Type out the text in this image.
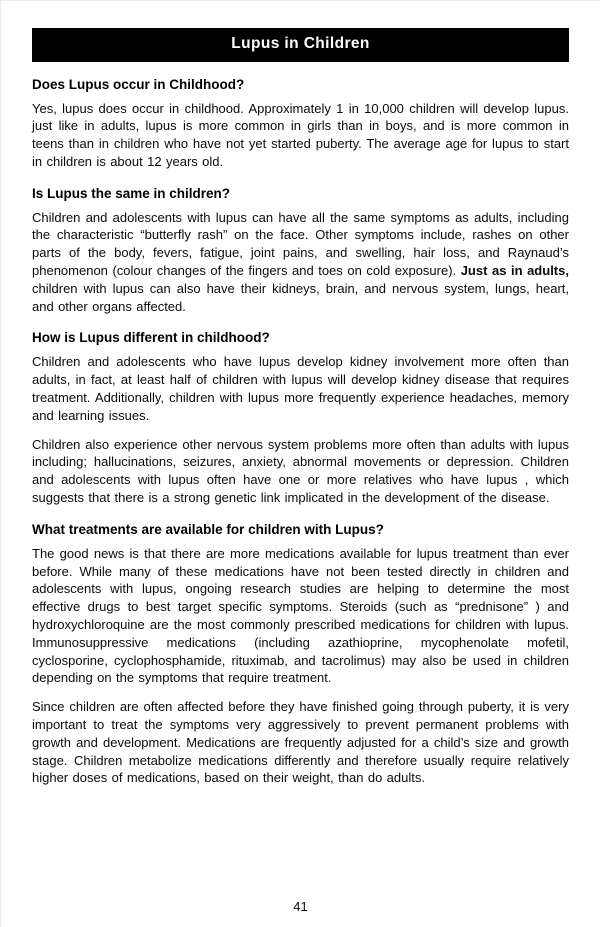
Lupus in Children
Does Lupus occur in Childhood?

Yes, lupus does occur in childhood. Approximately 1 in 10,000 children will develop lupus. just like in adults, lupus is more common in girls than in boys, and is more common in teens than in children who have not yet started puberty. The average age for lupus to start in children is about 12 years old.

Is Lupus the same in children?

Children and adolescents with lupus can have all the same symptoms as adults, including the characteristic “butterfly rash” on the face. Other symptoms include, rashes on other parts of the body, fevers, fatigue, joint pains, and swelling, hair loss, and Raynaud’s phenomenon (colour changes of the fingers and toes on cold exposure). Just as in adults, children with lupus can also have their kidneys, brain, and nervous system, lungs, heart, and other organs affected.

How is Lupus different in childhood?

Children and adolescents who have lupus develop kidney involvement more often than adults, in fact, at least half of children with lupus will develop kidney disease that requires treatment. Additionally, children with lupus more frequently experience headaches, memory and learning issues.

Children also experience other nervous system problems more often than adults with lupus including; hallucinations, seizures, anxiety, abnormal movements or depression. Children and adolescents with lupus often have one or more relatives who have lupus , which suggests that there is a strong genetic link implicated in the development of the disease.

What treatments are available for children with Lupus?

The good news is that there are more medications available for lupus treatment than ever before. While many of these medications have not been tested directly in children and adolescents with lupus, ongoing research studies are helping to determine the most effective drugs to best target specific symptoms. Steroids (such as “prednisone” ) and hydroxychloroquine are the most commonly prescribed medications for children with lupus. Immunosuppressive medications (including azathioprine, mycophenolate mofetil, cyclosporine, cyclophosphamide, rituximab, and tacrolimus) may also be used in children depending on the symptoms that require treatment.

Since children are often affected before they have finished going through puberty, it is very important to treat the symptoms very aggressively to prevent permanent problems with growth and development. Medications are frequently adjusted for a child’s size and growth stage. Children metabolize medications differently and therefore usually require relatively higher doses of medications, based on their weight, than do adults.

41
